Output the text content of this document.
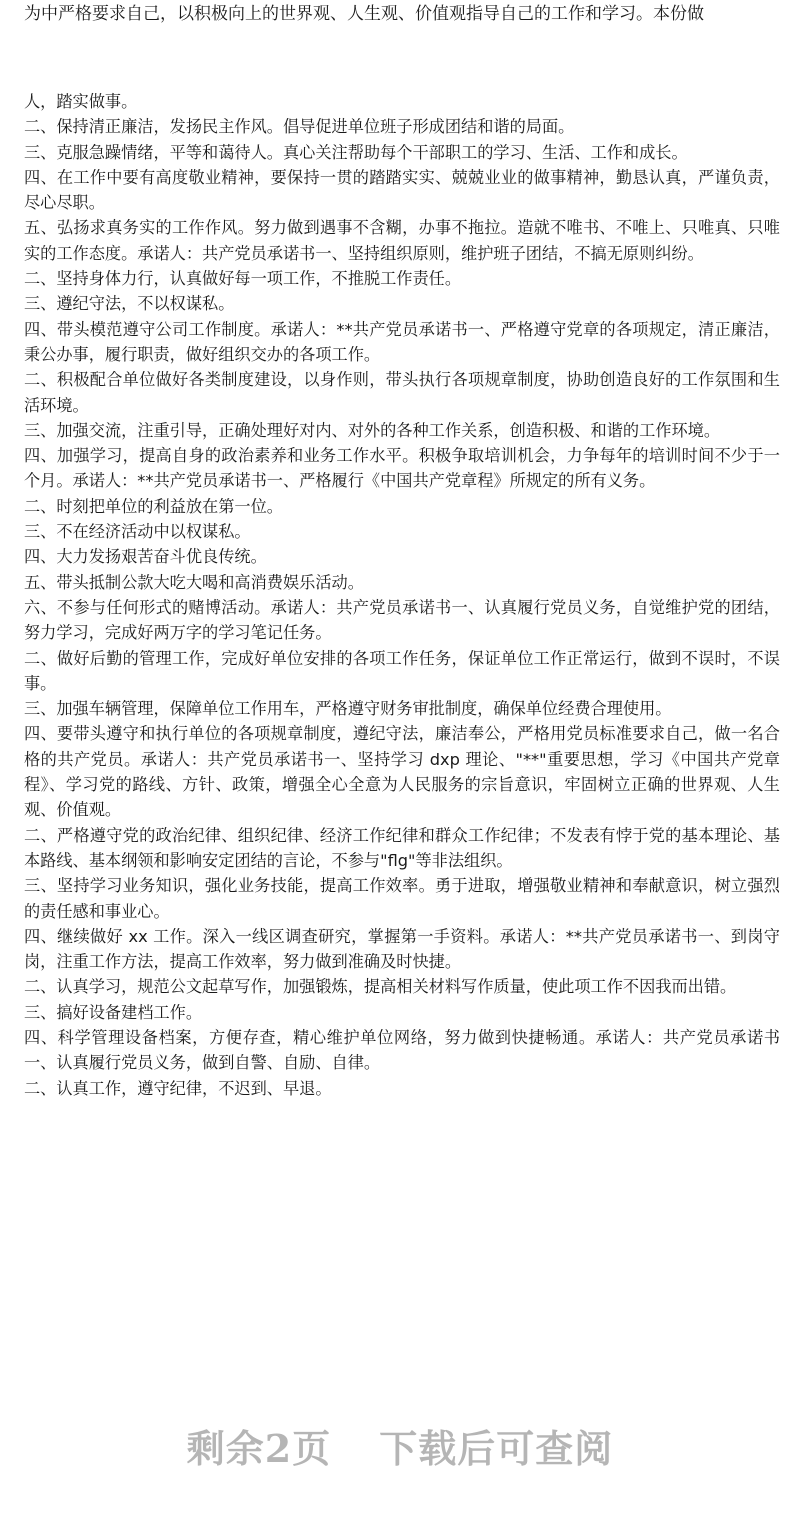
为中严格要求自己，以积极向上的世界观、人生观、价值观指导自己的工作和学习。本份做

人，踏实做事。

二、保持清正廉洁，发扬民主作风。倡导促进单位班子形成团结和谐的局面。

三、克服急躁情绪，平等和蔼待人。真心关注帮助每个干部职工的学习、生活、工作和成长。

四、在工作中要有高度敬业精神，要保持一贯的踏踏实实、兢兢业业的做事精神，勤恳认真，严谨负责，尽心尽职。

五、弘扬求真务实的工作作风。努力做到遇事不含糊，办事不拖拉。造就不唯书、不唯上、只唯真、只唯实的工作态度。承诺人：共产党员承诺书一、坚持组织原则，维护班子团结，不搞无原则纠纷。

二、坚持身体力行，认真做好每一项工作，不推脱工作责任。

三、遵纪守法，不以权谋私。

四、带头模范遵守公司工作制度。承诺人：**共产党员承诺书一、严格遵守党章的各项规定，清正廉洁，秉公办事，履行职责，做好组织交办的各项工作。

二、积极配合单位做好各类制度建设，以身作则，带头执行各项规章制度，协助创造良好的工作氛围和生活环境。

三、加强交流，注重引导，正确处理好对内、对外的各种工作关系，创造积极、和谐的工作环境。

四、加强学习，提高自身的政治素养和业务工作水平。积极争取培训机会，力争每年的培训时间不少于一个月。承诺人：**共产党员承诺书一、严格履行《中国共产党章程》所规定的所有义务。

二、时刻把单位的利益放在第一位。

三、不在经济活动中以权谋私。

四、大力发扬艰苦奋斗优良传统。

五、带头抵制公款大吃大喝和高消费娱乐活动。

六、不参与任何形式的赌博活动。承诺人：共产党员承诺书一、认真履行党员义务，自觉维护党的团结，努力学习，完成好两万字的学习笔记任务。

二、做好后勤的管理工作，完成好单位安排的各项工作任务，保证单位工作正常运行，做到不误时，不误事。

三、加强车辆管理，保障单位工作用车，严格遵守财务审批制度，确保单位经费合理使用。

四、要带头遵守和执行单位的各项规章制度，遵纪守法，廉洁奉公，严格用党员标准要求自己，做一名合格的共产党员。承诺人：共产党员承诺书一、坚持学习 dxp 理论、"**"重要思想，学习《中国共产党章程》、学习党的路线、方针、政策，增强全心全意为人民服务的宗旨意识，牢固树立正确的世界观、人生观、价值观。

二、严格遵守党的政治纪律、组织纪律、经济工作纪律和群众工作纪律；不发表有悖于党的基本理论、基本路线、基本纲领和影响安定团结的言论，不参与"flg"等非法组织。

三、坚持学习业务知识，强化业务技能，提高工作效率。勇于进取，增强敬业精神和奉献意识，树立强烈的责任感和事业心。

四、继续做好 xx 工作。深入一线区调查研究，掌握第一手资料。承诺人：**共产党员承诺书一、到岗守岗，注重工作方法，提高工作效率，努力做到准确及时快捷。

二、认真学习，规范公文起草写作，加强锻炼，提高相关材料写作质量，使此项工作不因我而出错。

三、搞好设备建档工作。

四、科学管理设备档案，方便存查，精心维护单位网络，努力做到快捷畅通。承诺人：共产党员承诺书一、认真履行党员义务，做到自警、自励、自律。

二、认真工作，遵守纪律，不迟到、早退。

剩余2页 下载后可查阅
